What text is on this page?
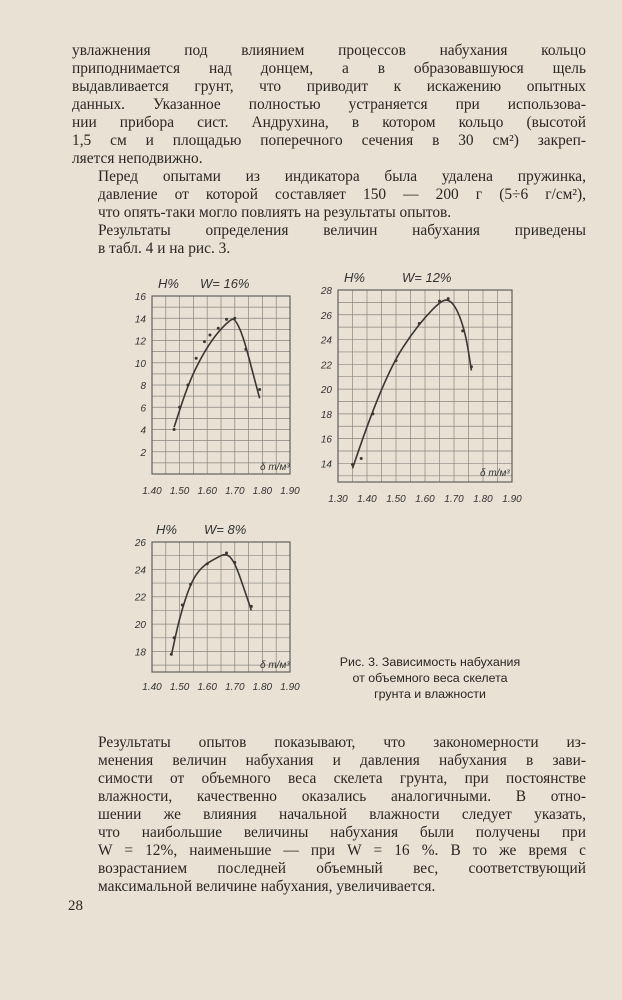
увлажнения под влиянием процессов набухания кольцо
приподнимается над донцем, а в образовавшуюся щель
выдавливается грунт, что приводит к искажению опытных
данных. Указанное полностью устраняется при использова-
нии прибора сист. Андрухина, в котором кольцо (высотой
1,5 см и площадью поперечного сечения в 30 см²) закреп-
ляется неподвижно.

Перед опытами из индикатора была удалена пружинка,
давление от которой составляет 150 — 200 г (5÷6 г/см²),
что опять-таки могло повлиять на результаты опытов.

Результаты определения величин набухания приведены
в табл. 4 и на рис. 3.

2
4
6
8
10
12
14
16
1.40 1.50 1.60 1.70 1.80 1.90
H% W= 16%
δ т/м³	14
16
18
20
22
24
26
28
1.30 1.40 1.50 1.60 1.70 1.80 1.90
H%	W= 12%
δ т/м³
18
20
22
24
26
1.40 1.50 1.60 1.70 1.80 1.90
H% W= 8%
δ т/м³	Рис. 3. Зависимость набухания
от объемного веса скелета
грунта и влажности

Результаты опытов показывают, что закономерности из-
менения величин набухания и давления набухания в зави-
симости от объемного веса скелета грунта, при постоянстве
влажности, качественно оказались аналогичными. В отно-
шении же влияния начальной влажности следует указать,
что наибольшие величины набухания были получены при
W = 12%, наименьшие — при W = 16 %. В то же время с
возрастанием последней объемный вес, соответствующий
максимальной величине набухания, увеличивается.

28
